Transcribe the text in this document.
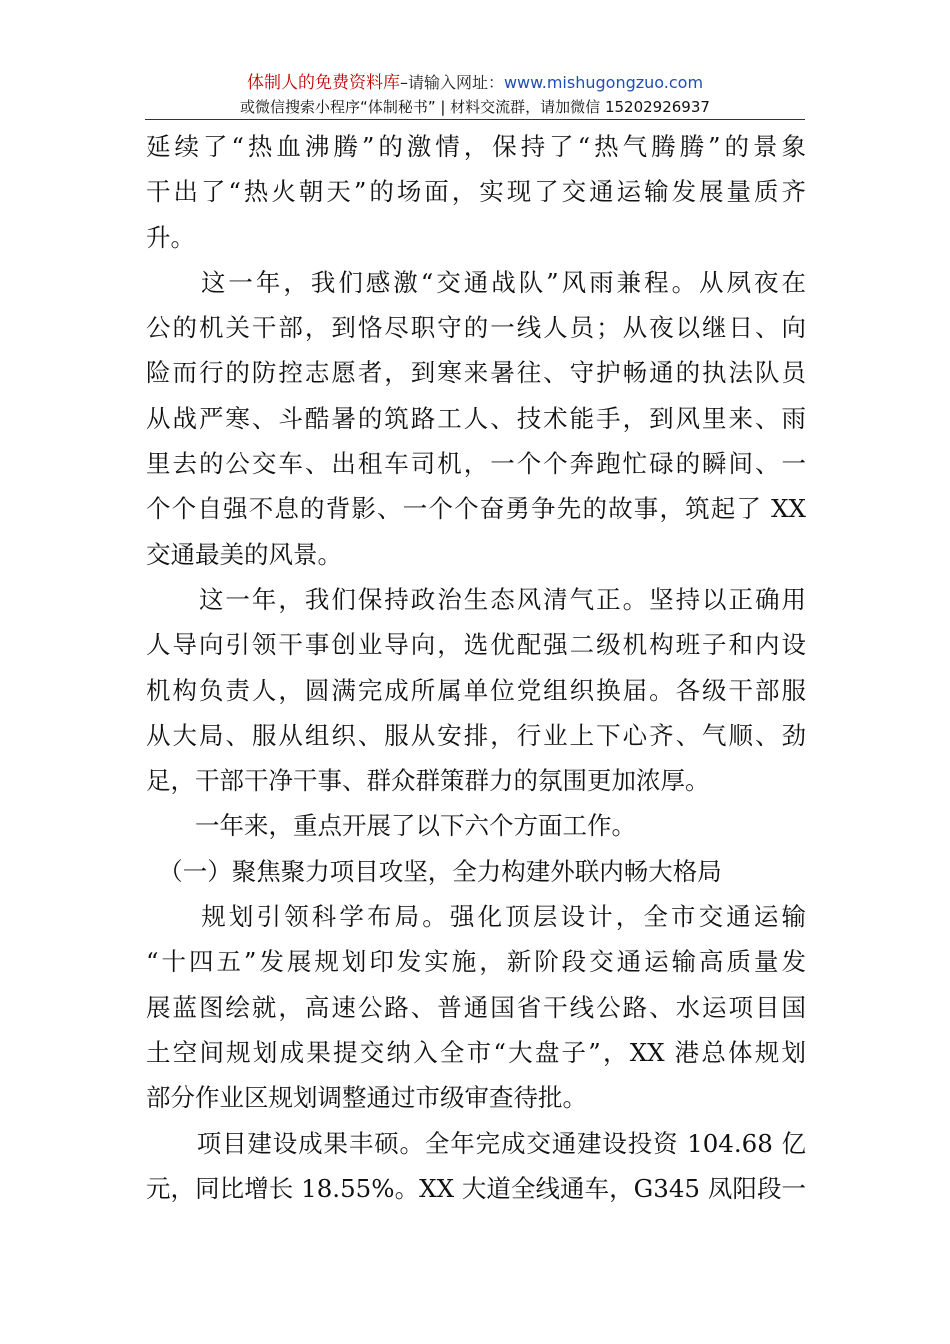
体制人的免费资料库–请输入网址：www.mishugongzuo.com
或微信搜索小程序“体制秘书” | 材料交流群，请加微信 15202926937
延续了“热血沸腾”的激情，保持了“热气腾腾”的景象
干出了“热火朝天”的场面，实现了交通运输发展量质齐
升。
　　这一年，我们感激“交通战队”风雨兼程。从夙夜在
公的机关干部，到恪尽职守的一线人员；从夜以继日、向
险而行的防控志愿者，到寒来暑往、守护畅通的执法队员
从战严寒、斗酷暑的筑路工人、技术能手，到风里来、雨
里去的公交车、出租车司机，一个个奔跑忙碌的瞬间、一
个个自强不息的背影、一个个奋勇争先的故事，筑起了 XX
交通最美的风景。
　　这一年，我们保持政治生态风清气正。坚持以正确用
人导向引领干事创业导向，选优配强二级机构班子和内设
机构负责人，圆满完成所属单位党组织换届。各级干部服
从大局、服从组织、服从安排，行业上下心齐、气顺、劲
足，干部干净干事、群众群策群力的氛围更加浓厚。
　　一年来，重点开展了以下六个方面工作。
　（一）聚焦聚力项目攻坚，全力构建外联内畅大格局
　　规划引领科学布局。强化顶层设计，全市交通运输
“十四五”发展规划印发实施，新阶段交通运输高质量发
展蓝图绘就，高速公路、普通国省干线公路、水运项目国
土空间规划成果提交纳入全市“大盘子”，XX 港总体规划
部分作业区规划调整通过市级审查待批。
　　项目建设成果丰硕。全年完成交通建设投资 104.68 亿
元，同比增长 18.55%。XX 大道全线通车，G345 凤阳段一
